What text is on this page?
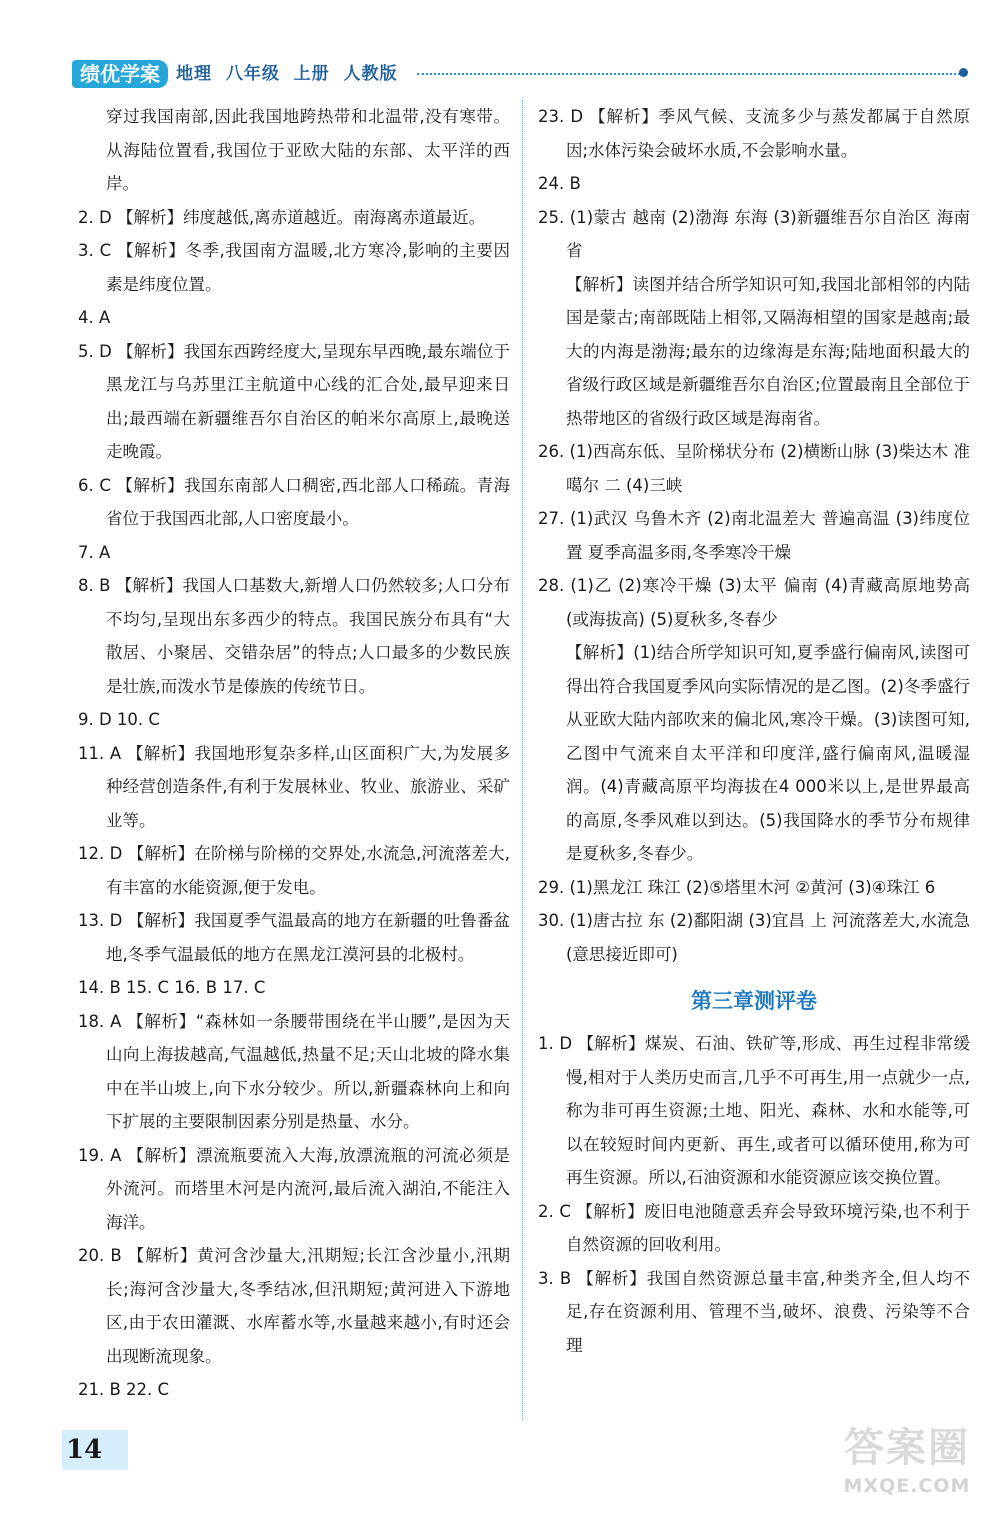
绩优学案 地理  八年级  上册  人教版
穿过我国南部,因此我国地跨热带和北温带,没有寒带。从海陆位置看,我国位于亚欧大陆的东部、太平洋的西岸。
2. D 【解析】纬度越低,离赤道越近。南海离赤道最近。
3. C 【解析】冬季,我国南方温暖,北方寒冷,影响的主要因素是纬度位置。
4. A
5. D 【解析】我国东西跨经度大,呈现东早西晚,最东端位于黑龙江与乌苏里江主航道中心线的汇合处,最早迎来日出;最西端在新疆维吾尔自治区的帕米尔高原上,最晚送走晚霞。
6. C 【解析】我国东南部人口稠密,西北部人口稀疏。青海省位于我国西北部,人口密度最小。
7. A
8. B 【解析】我国人口基数大,新增人口仍然较多;人口分布不均匀,呈现出东多西少的特点。我国民族分布具有“大散居、小聚居、交错杂居”的特点;人口最多的少数民族是壮族,而泼水节是傣族的传统节日。
9. D 10. C
11. A 【解析】我国地形复杂多样,山区面积广大,为发展多种经营创造条件,有利于发展林业、牧业、旅游业、采矿业等。
12. D 【解析】在阶梯与阶梯的交界处,水流急,河流落差大,有丰富的水能资源,便于发电。
13. D 【解析】我国夏季气温最高的地方在新疆的吐鲁番盆地,冬季气温最低的地方在黑龙江漠河县的北极村。
14. B 15. C 16. B 17. C
18. A 【解析】“森林如一条腰带围绕在半山腰”,是因为天山向上海拔越高,气温越低,热量不足;天山北坡的降水集中在半山坡上,向下水分较少。所以,新疆森林向上和向下扩展的主要限制因素分别是热量、水分。
19. A 【解析】漂流瓶要流入大海,放漂流瓶的河流必须是外流河。而塔里木河是内流河,最后流入湖泊,不能注入海洋。
20. B 【解析】黄河含沙量大,汛期短;长江含沙量小,汛期长;海河含沙量大,冬季结冰,但汛期短;黄河进入下游地区,由于农田灌溉、水库蓄水等,水量越来越小,有时还会出现断流现象。
21. B 22. C
23. D 【解析】季风气候、支流多少与蒸发都属于自然原因;水体污染会破坏水质,不会影响水量。
24. B
25. (1)蒙古 越南 (2)渤海 东海 (3)新疆维吾尔自治区 海南省
【解析】读图并结合所学知识可知,我国北部相邻的内陆国是蒙古;南部既陆上相邻,又隔海相望的国家是越南;最大的内海是渤海;最东的边缘海是东海;陆地面积最大的省级行政区域是新疆维吾尔自治区;位置最南且全部位于热带地区的省级行政区域是海南省。
26. (1)西高东低、呈阶梯状分布 (2)横断山脉 (3)柴达木 准噶尔 二 (4)三峡
27. (1)武汉 乌鲁木齐 (2)南北温差大 普遍高温 (3)纬度位置 夏季高温多雨,冬季寒冷干燥
28. (1)乙 (2)寒冷干燥 (3)太平 偏南 (4)青藏高原地势高(或海拔高) (5)夏秋多,冬春少
【解析】(1)结合所学知识可知,夏季盛行偏南风,读图可得出符合我国夏季风向实际情况的是乙图。(2)冬季盛行从亚欧大陆内部吹来的偏北风,寒冷干燥。(3)读图可知,乙图中气流来自太平洋和印度洋,盛行偏南风,温暖湿润。(4)青藏高原平均海拔在4 000米以上,是世界最高的高原,冬季风难以到达。(5)我国降水的季节分布规律是夏秋多,冬春少。
29. (1)黑龙江 珠江 (2)⑤塔里木河 ②黄河 (3)④珠江 6
30. (1)唐古拉 东 (2)鄱阳湖 (3)宜昌 上 河流落差大,水流急(意思接近即可)
第三章测评卷
1. D 【解析】煤炭、石油、铁矿等,形成、再生过程非常缓慢,相对于人类历史而言,几乎不可再生,用一点就少一点,称为非可再生资源;土地、阳光、森林、水和水能等,可以在较短时间内更新、再生,或者可以循环使用,称为可再生资源。所以,石油资源和水能资源应该交换位置。
2. C 【解析】废旧电池随意丢弃会导致环境污染,也不利于自然资源的回收利用。
3. B 【解析】我国自然资源总量丰富,种类齐全,但人均不足,存在资源利用、管理不当,破坏、浪费、污染等不合理
14	答案圈
MXQE.COM
